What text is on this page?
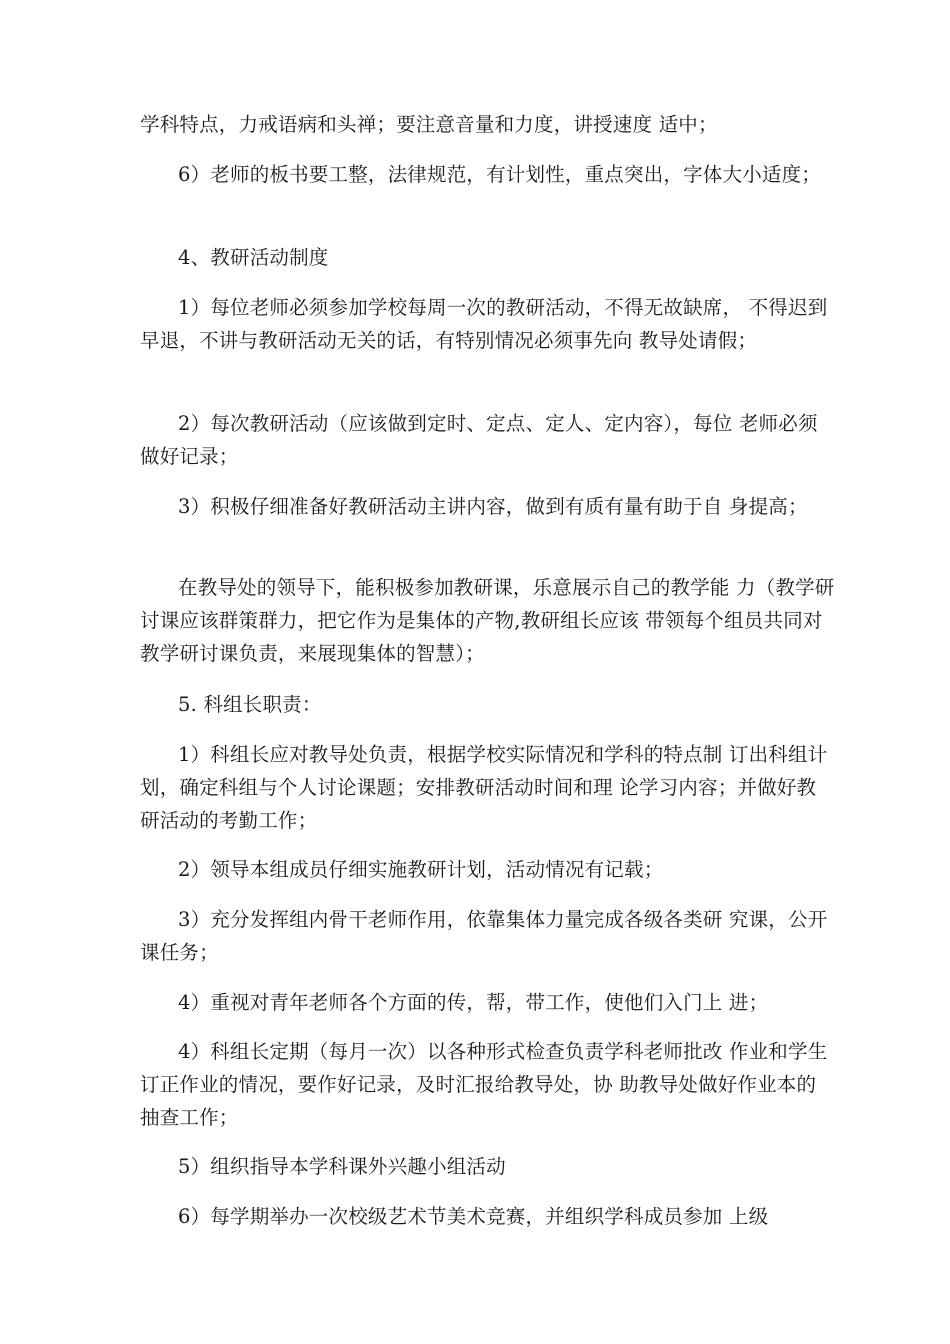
学科特点，力戒语病和头禅；要注意音量和力度，讲授速度 适中；

6）老师的板书要工整，法律规范，有计划性，重点突出，字体大小适度；

4、教研活动制度

1）每位老师必须参加学校每周一次的教研活动，不得无故缺席， 不得迟到早退，不讲与教研活动无关的话，有特别情况必须事先向 教导处请假；

2）每次教研活动（应该做到定时、定点、定人、定内容），每位 老师必须做好记录；

3）积极仔细准备好教研活动主讲内容，做到有质有量有助于自 身提高；

在教导处的领导下，能积极参加教研课，乐意展示自己的教学能 力（教学研讨课应该群策群力，把它作为是集体的产物,教研组长应该 带领每个组员共同对教学研讨课负责，来展现集体的智慧）；

5. 科组长职责：

1）科组长应对教导处负责，根据学校实际情况和学科的特点制 订出科组计划，确定科组与个人讨论课题；安排教研活动时间和理 论学习内容；并做好教研活动的考勤工作；

2）领导本组成员仔细实施教研计划，活动情况有记载；

3）充分发挥组内骨干老师作用，依靠集体力量完成各级各类研 究课，公开课任务；

4）重视对青年老师各个方面的传，帮，带工作，使他们入门上 进；

4）科组长定期（每月一次）以各种形式检查负责学科老师批改 作业和学生订正作业的情况，要作好记录，及时汇报给教导处，协 助教导处做好作业本的抽查工作；

5）组织指导本学科课外兴趣小组活动

6）每学期举办一次校级艺术节美术竞赛，并组织学科成员参加 上级
